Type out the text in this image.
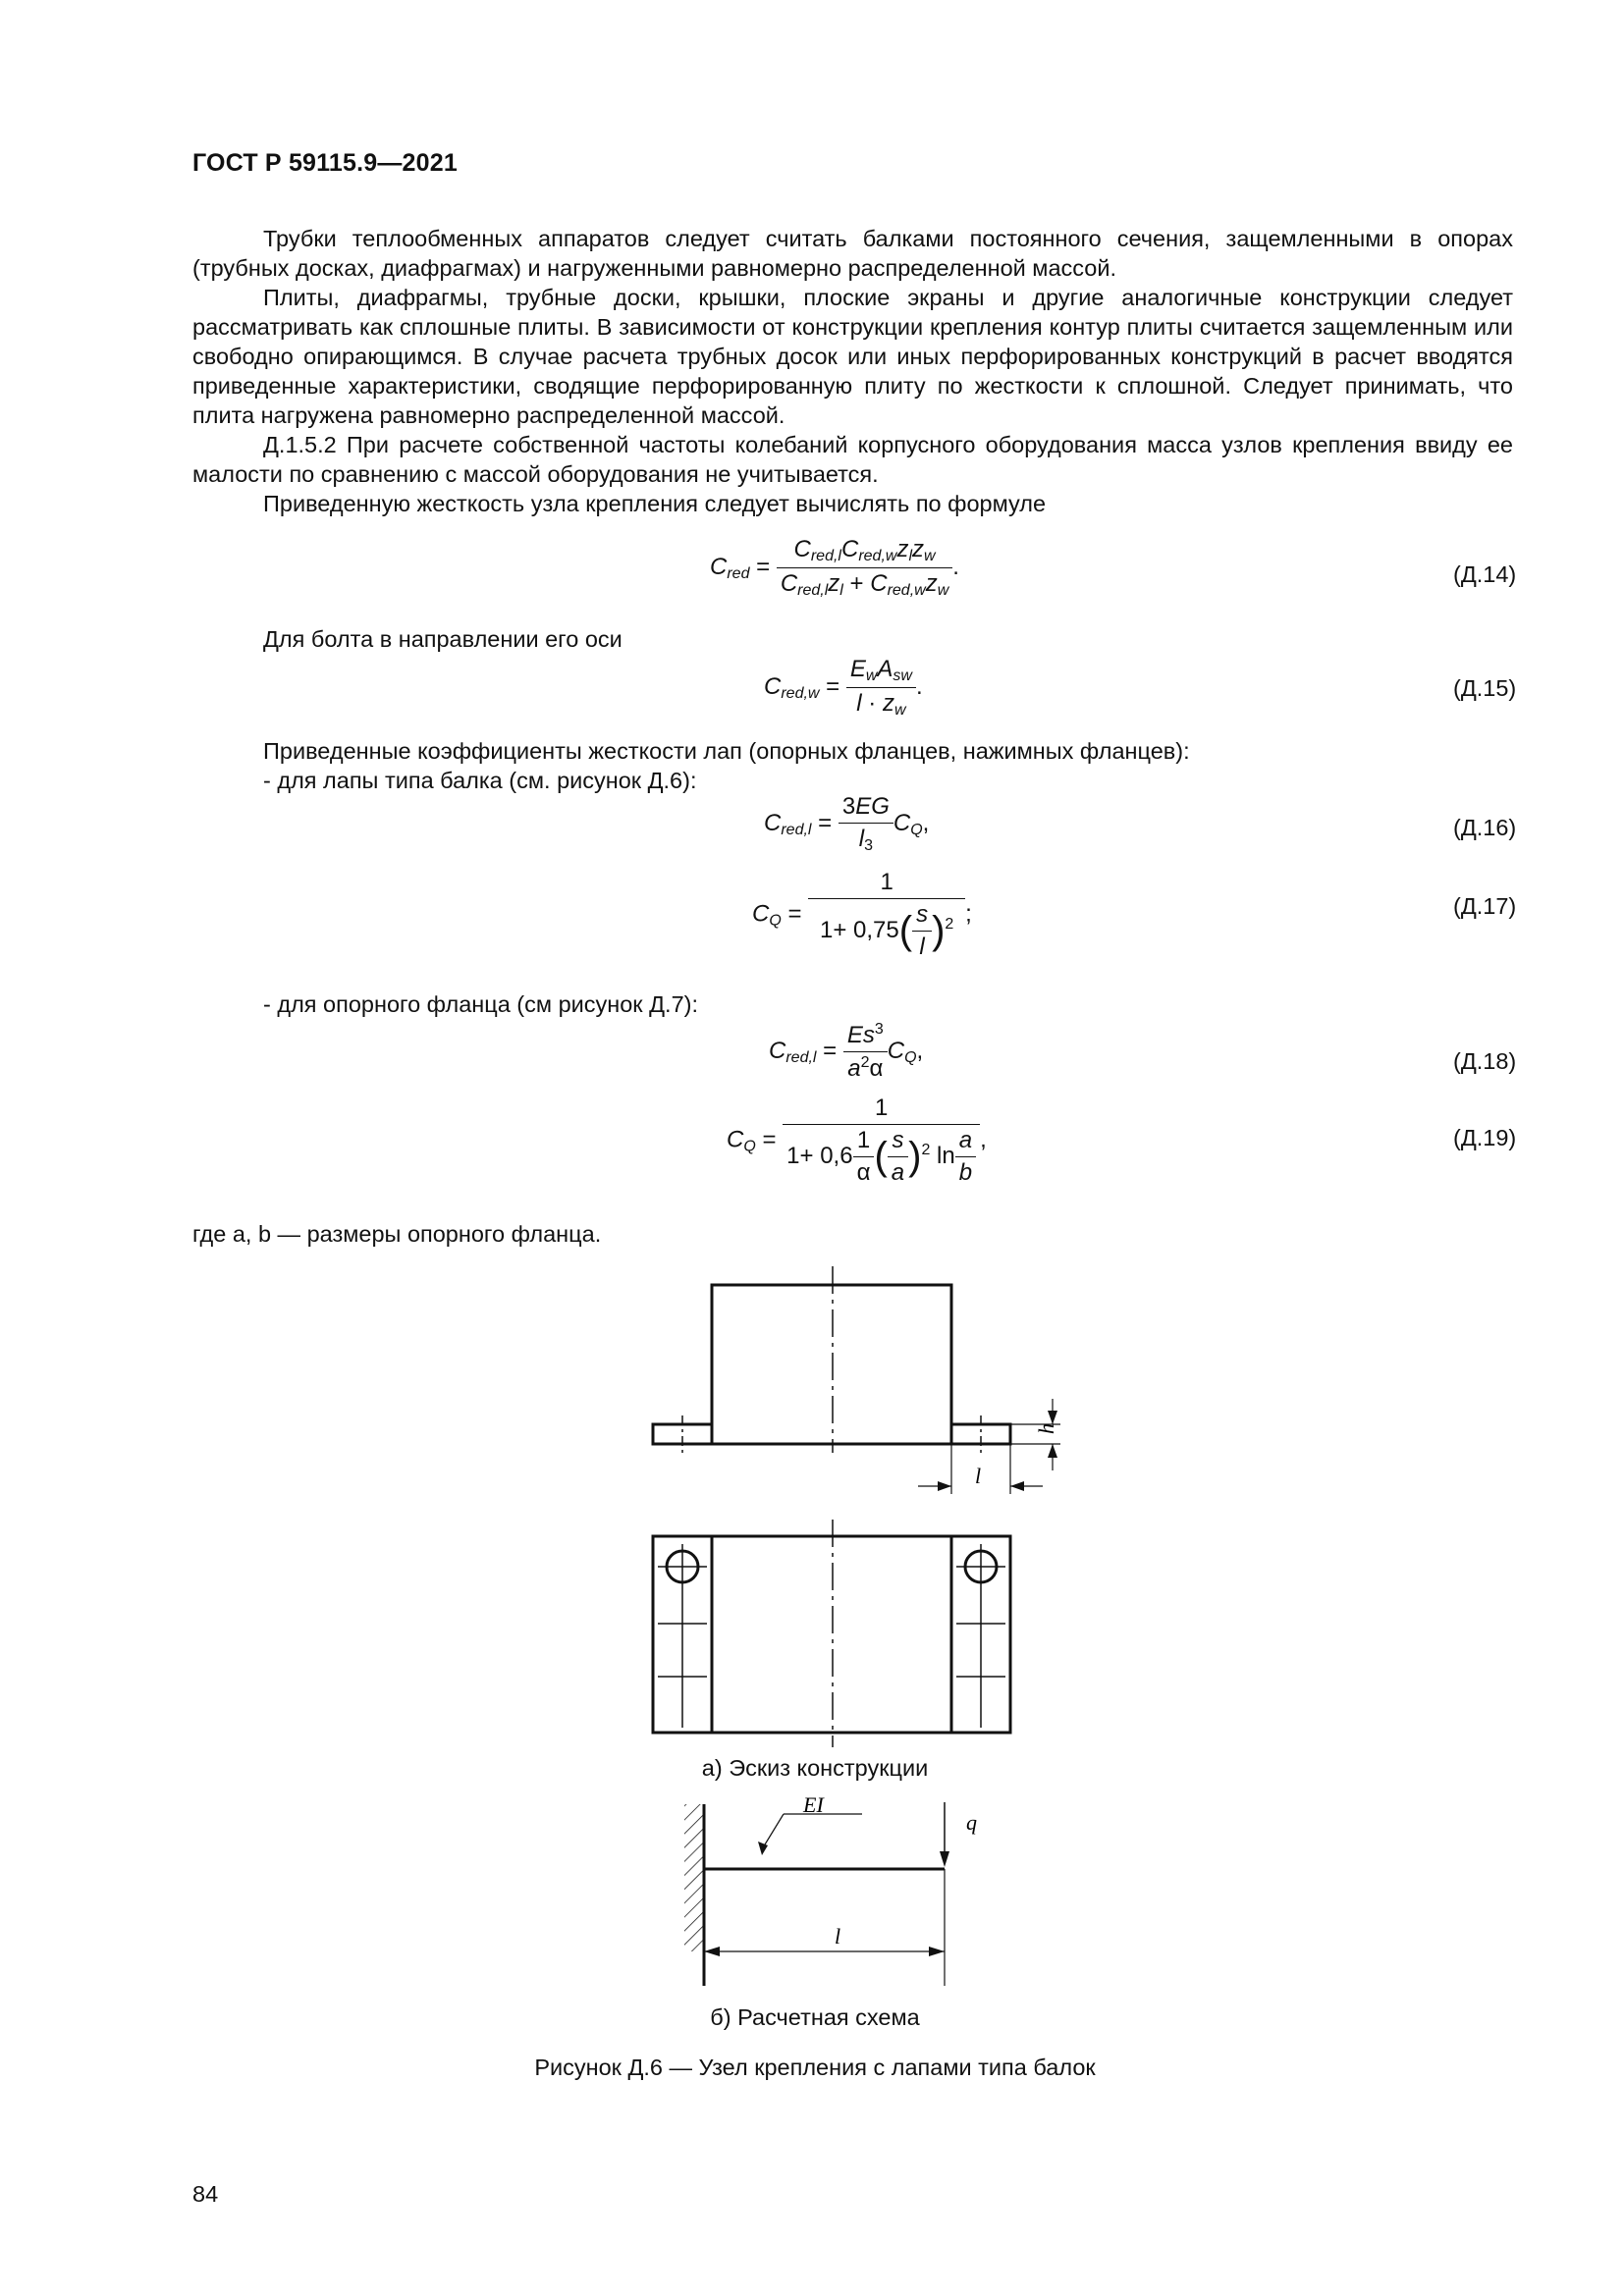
ГОСТ Р 59115.9—2021

Трубки теплообменных аппаратов следует считать балками постоянного сечения, защемленными в опорах (трубных досках, диафрагмах) и нагруженными равномерно распределенной массой.

Плиты, диафрагмы, трубные доски, крышки, плоские экраны и другие аналогичные конструкции следует рассматривать как сплошные плиты. В зависимости от конструкции крепления контур плиты считается защемленным или свободно опирающимся. В случае расчета трубных досок или иных перфорированных конструкций в расчет вводятся приведенные характеристики, сводящие перфорированную плиту по жесткости к сплошной. Следует принимать, что плита нагружена равномерно распределенной массой.

Д.1.5.2 При расчете собственной частоты колебаний корпусного оборудования масса узлов крепления ввиду ее малости по сравнению с массой оборудования не учитывается.

Приведенную жесткость узла крепления следует вычислять по формуле

$C_{red} = \frac{C_{red,l}C_{red,w}z_lz_w}{C_{red,l}z_l + C_{red,w}z_w}$ .	(Д.14)
Для болта в направлении его оси
$C_{red,w} = \frac{E_wA_{sw}}{l \cdot z_w}$ .	(Д.15)
Приведенные коэффициенты жесткости лап (опорных фланцев, нажимных фланцев):
- для лапы типа балка (см. рисунок Д.6):
$C_{red,l} = \frac{3EG}{l_3} C_Q$,	(Д.16)
$C_Q = \frac{1}{1+ 0,75( \frac{s}{l} )^2}$ ;	(Д.17)
- для опорного фланца (см рисунок Д.7):
$C_{red,l} = \frac{Es^3}{a^2\alpha} C_Q$,	(Д.18)
$C_Q = \frac{1}{1+ 0,6 \frac{1}{\alpha} ( \frac{s}{a} )^2 \ln \frac{a}{b}}$ ,	(Д.19)
где a, b — размеры опорного фланца.
h
l
а) Эскиз конструкции
EI
q
l
б) Расчетная схема
Рисунок Д.6 — Узел крепления с лапами типа балок
84
